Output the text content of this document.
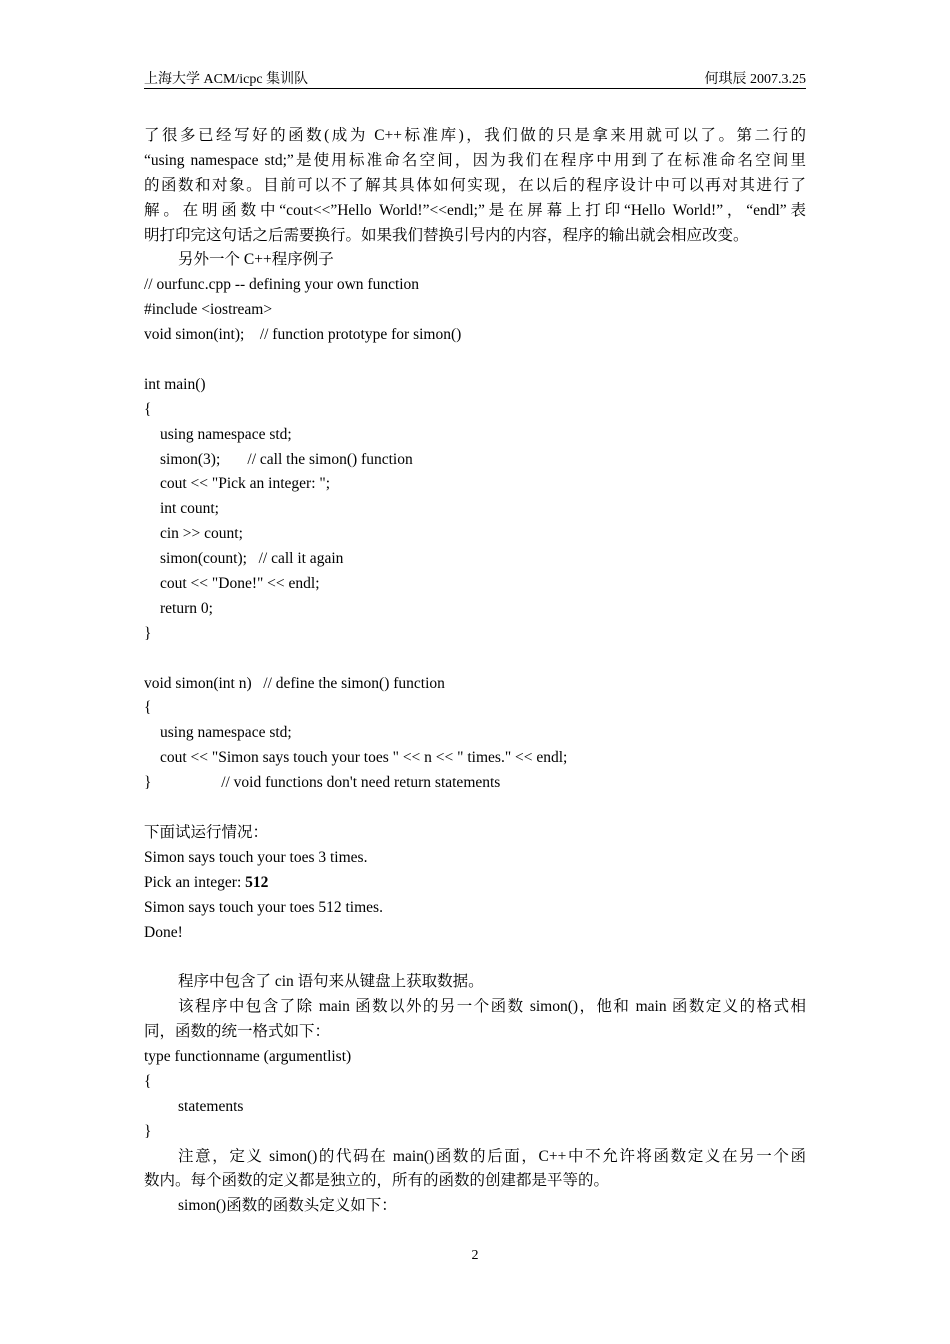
上海大学 ACM/icpc 集训队	何琪辰 2007.3.25
了很多已经写好的函数(成为 C++标准库)，我们做的只是拿来用就可以了。第二行的
“using namespace std;”是使用标准命名空间，因为我们在程序中用到了在标准命名空间里
的函数和对象。目前可以不了解其具体如何实现，在以后的程序设计中可以再对其进行了
解。在明函数中“cout<<”Hello World!”<<endl;”是在屏幕上打印“Hello World!”，“endl”表
明打印完这句话之后需要换行。如果我们替换引号内的内容，程序的输出就会相应改变。
另外一个 C++程序例子
// ourfunc.cpp -- defining your own function
#include <iostream>
void simon(int);    // function prototype for simon()
int main()
{
using namespace std;
simon(3);       // call the simon() function
cout << "Pick an integer: ";
int count;
cin >> count;
simon(count);   // call it again
cout << "Done!" << endl;
return 0;
}
void simon(int n)   // define the simon() function
{
using namespace std;
cout << "Simon says touch your toes " << n << " times." << endl;
}                  // void functions don't need return statements
下面试运行情况：
Simon says touch your toes 3 times.
Pick an integer: 512
Simon says touch your toes 512 times.
Done!
程序中包含了 cin 语句来从键盘上获取数据。
该程序中包含了除 main 函数以外的另一个函数 simon()，他和 main 函数定义的格式相
同，函数的统一格式如下：
type functionname (argumentlist)
{
statements
}
注意，定义 simon()的代码在 main()函数的后面，C++中不允许将函数定义在另一个函
数内。每个函数的定义都是独立的，所有的函数的创建都是平等的。
simon()函数的函数头定义如下：
2
